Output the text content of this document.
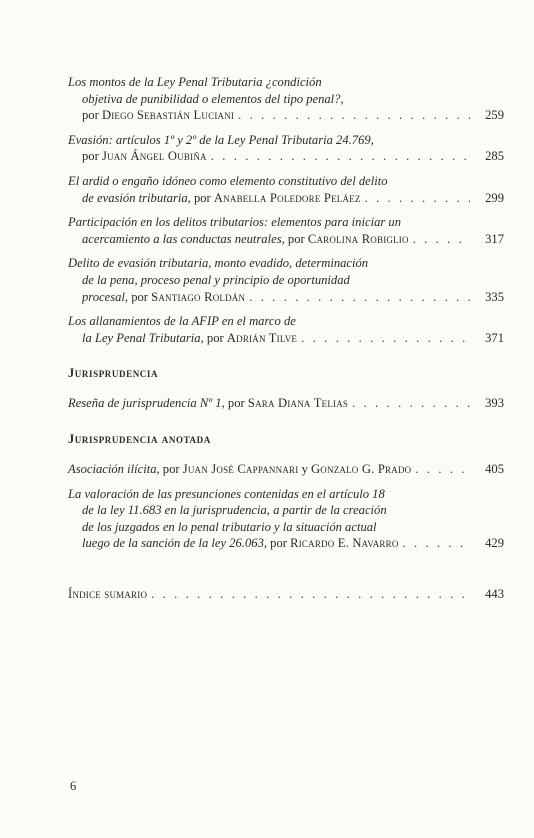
Los montos de la Ley Penal Tributaria ¿condición
objetiva de punibilidad o elementos del tipo penal?,
por Diego Sebastián Luciani . . .	259
Evasión: artículos 1º y 2º de la Ley Penal Tributaria 24.769,
por Juan Ángel Oubiña . . .	285
El ardid o engaño idóneo como elemento constitutivo del delito
de evasión tributaria, por Anabella Poledore Peláez . . .	299
Participación en los delitos tributarios: elementos para iniciar un
acercamiento a las conductas neutrales, por Carolina Robiglio . . .	317
Delito de evasión tributaria, monto evadido, determinación
de la pena, proceso penal y principio de oportunidad
procesal, por Santiago Roldán . . .	335
Los allanamientos de la AFIP en el marco de
la Ley Penal Tributaria, por Adrián Tilve . . .	371
Jurisprudencia
Reseña de jurisprudencia Nº 1, por Sara Diana Telias . . .	393
Jurisprudencia anotada
Asociación ilícita, por Juan José Cappannari y Gonzalo G. Prado . . .	405
La valoración de las presunciones contenidas en el artículo 18
de la ley 11.683 en la jurisprudencia, a partir de la creación
de los juzgados en lo penal tributario y la situación actual
luego de la sanción de la ley 26.063, por Ricardo E. Navarro . . .	429
Índice sumario . . .	443
6
